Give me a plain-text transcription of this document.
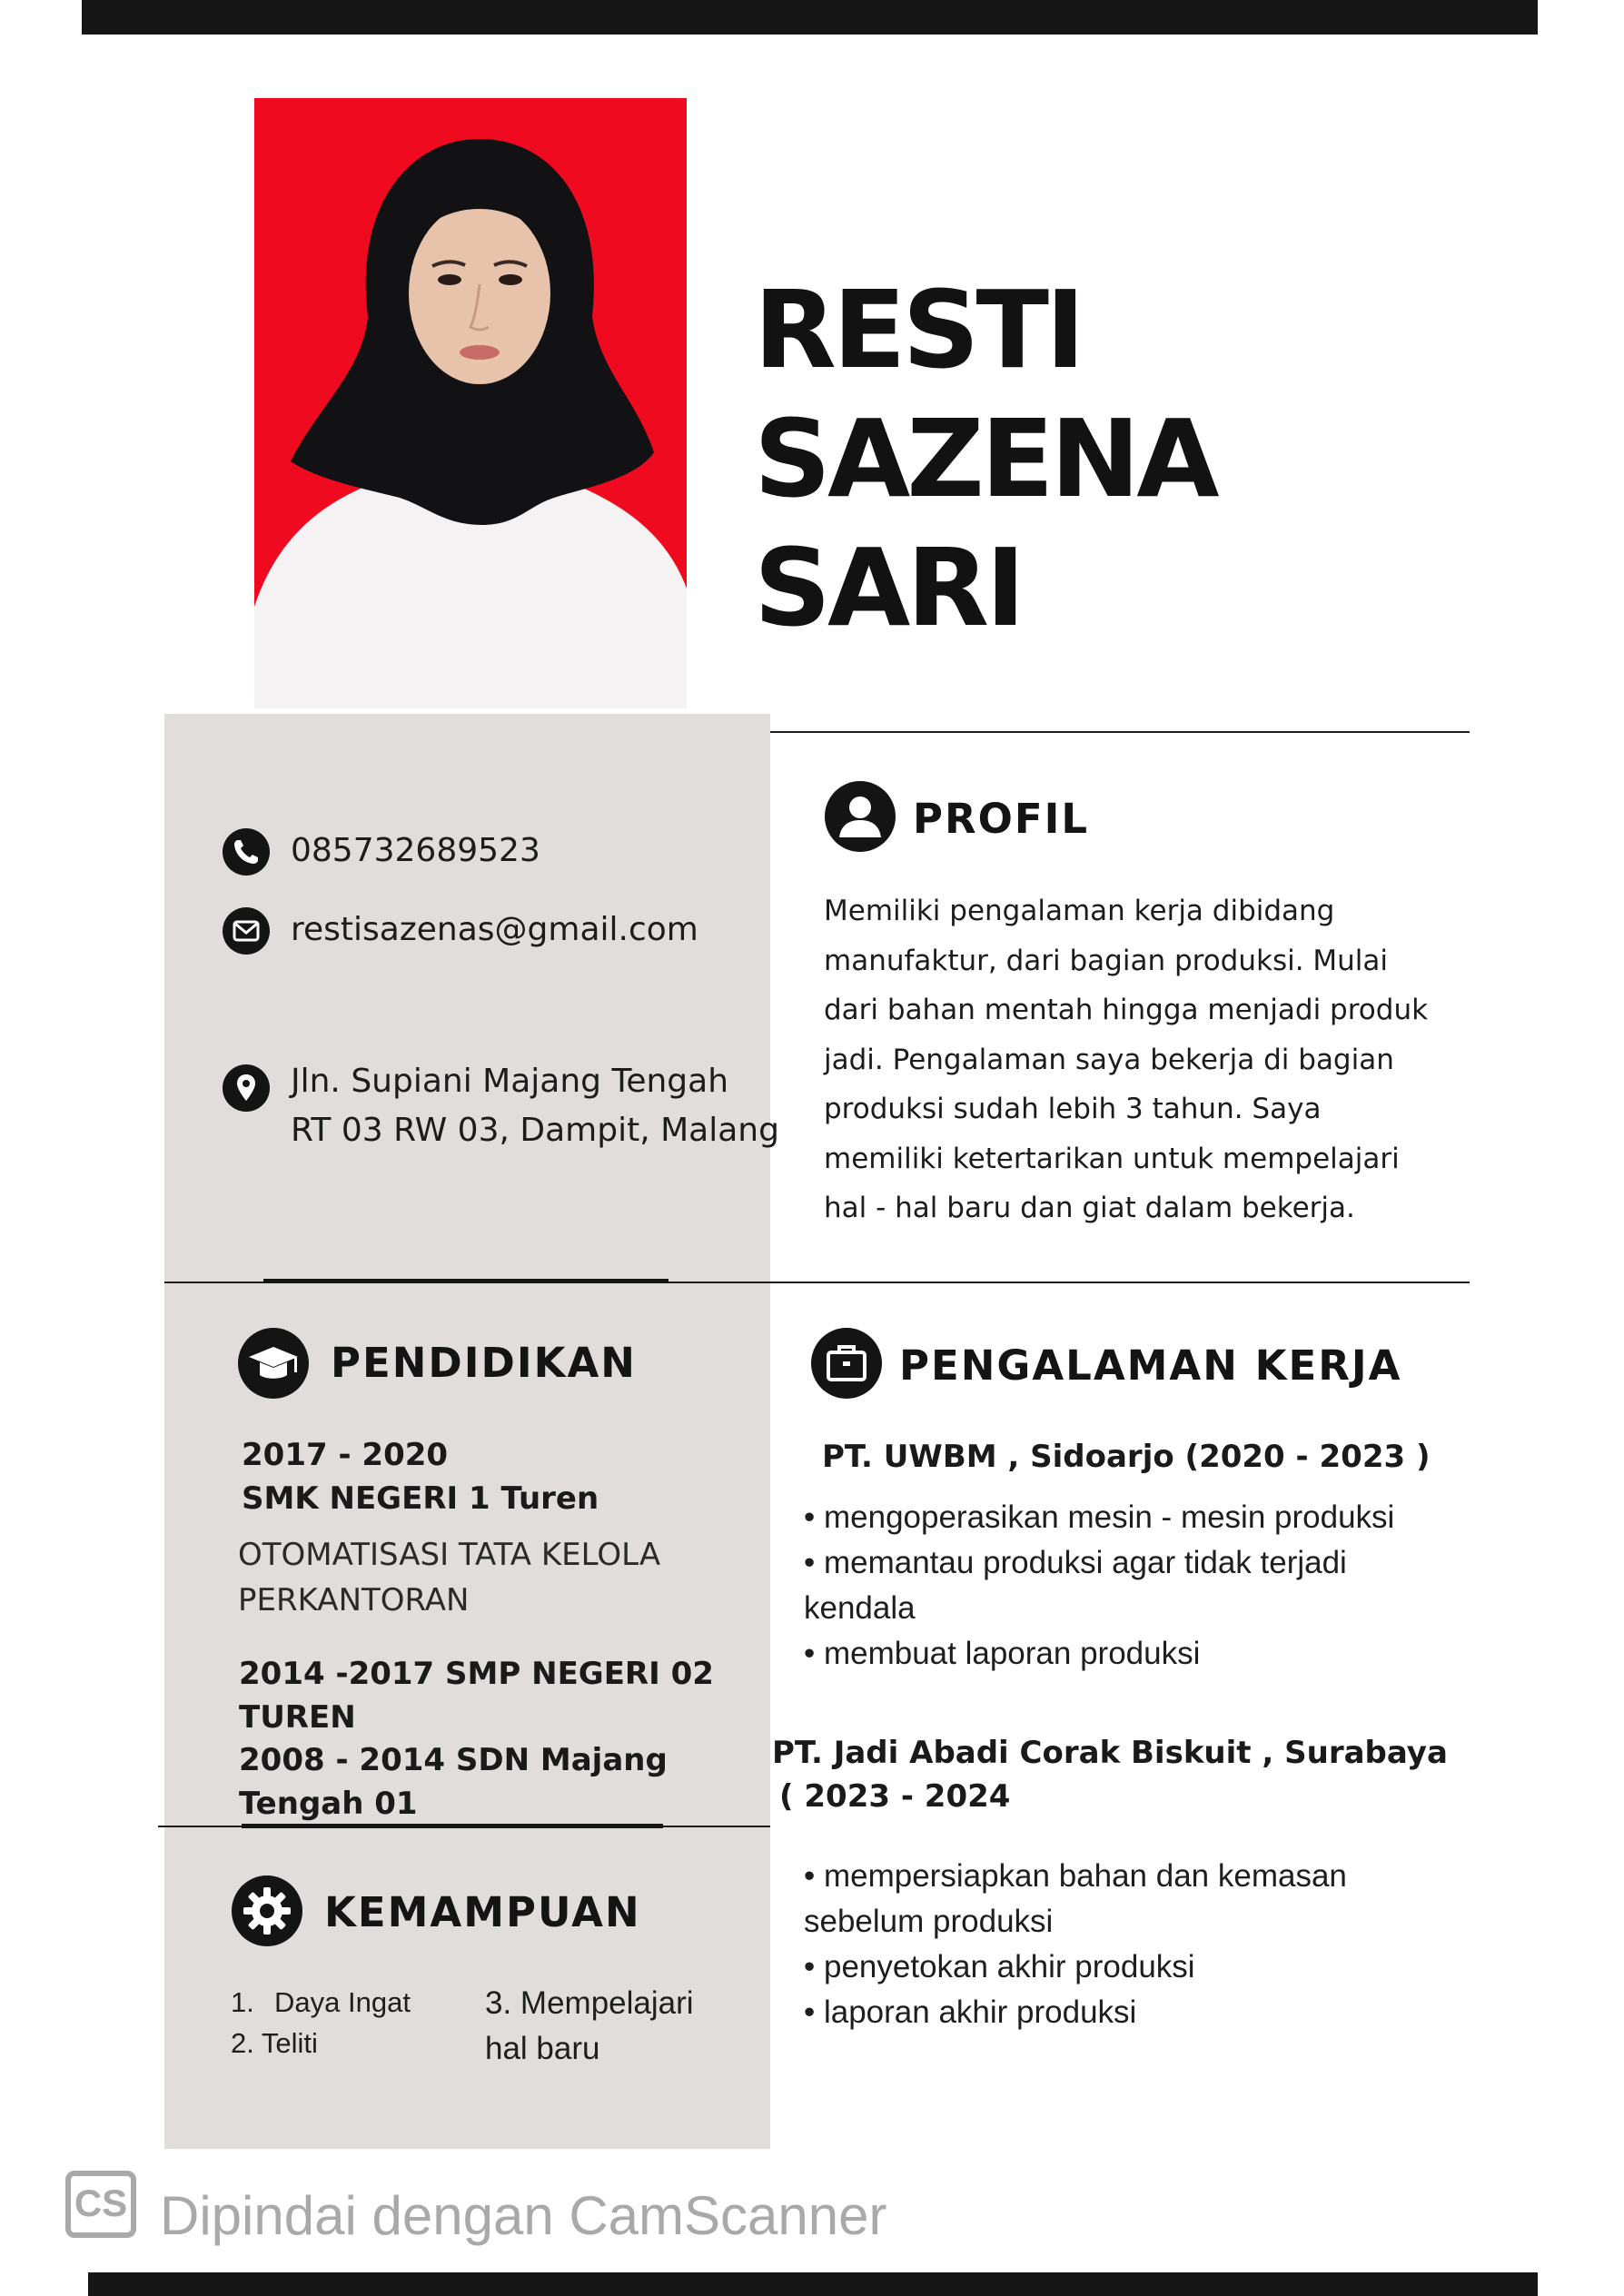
RESTI
SAZENA
SARI
085732689523
restisazenas@gmail.com
Jln. Supiani Majang Tengah
RT 03 RW 03, Dampit, Malang
PROFIL
Memiliki pengalaman kerja dibidang
manufaktur, dari bagian produksi. Mulai
dari bahan mentah hingga menjadi produk
jadi. Pengalaman saya bekerja di bagian
produksi sudah lebih 3 tahun. Saya
memiliki ketertarikan untuk mempelajari
hal - hal baru dan giat dalam bekerja.
PENDIDIKAN
2017 - 2020
SMK NEGERI 1 Turen
OTOMATISASI TATA KELOLA
PERKANTORAN
2014 -2017 SMP NEGERI 02
TUREN
2008 - 2014 SDN Majang
Tengah 01
PENGALAMAN KERJA
PT. UWBM , Sidoarjo (2020 - 2023 )
• mengoperasikan mesin - mesin produksi
• memantau produksi agar tidak terjadi
kendala
• membuat laporan produksi
PT. Jadi Abadi Corak Biskuit , Surabaya
( 2023 - 2024
• mempersiapkan bahan dan kemasan
sebelum produksi
• penyetokan akhir produksi
• laporan akhir produksi
KEMAMPUAN
1. Daya Ingat
2. Teliti
3. Mempelajari
hal baru
CS Dipindai dengan CamScanner
